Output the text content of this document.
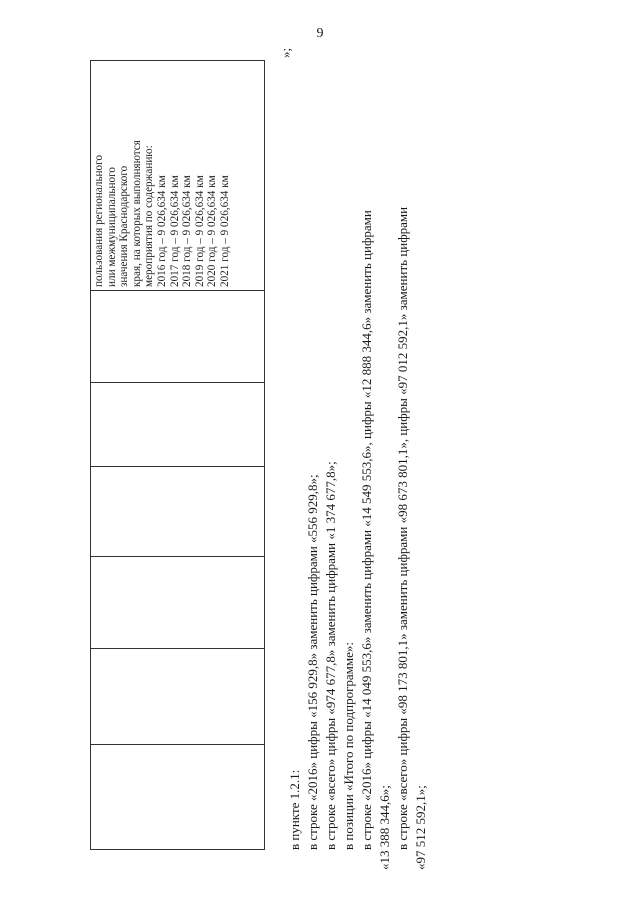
9
пользования регионального или межмуниципального значения Краснодарского края, на которых выполняются мероприятия по содержанию: 2016 год – 9 026,634 км 2017 год – 9 026,634 км 2018 год – 9 026,634 км 2019 год – 9 026,634 км 2020 год – 9 026,634 км 2021 год – 9 026,634 км
»;
в пункте 1.2.1: в строке «2016» цифры «156 929,8» заменить цифрами «556 929,8»; в строке «всего» цифры «974 677,8» заменить цифрами «1 374 677,8»; в позиции «Итого по подпрограмме»: в строке «2016» цифры «14 049 553,6» заменить цифрами «14 549 553,6», цифры «12 888 344,6» заменить цифрами «13 388 344,6»; в строке «всего» цифры «98 173 801,1» заменить цифрами «98 673 801,1», цифры «97 012 592,1» заменить цифрами «97 512 592,1»;
